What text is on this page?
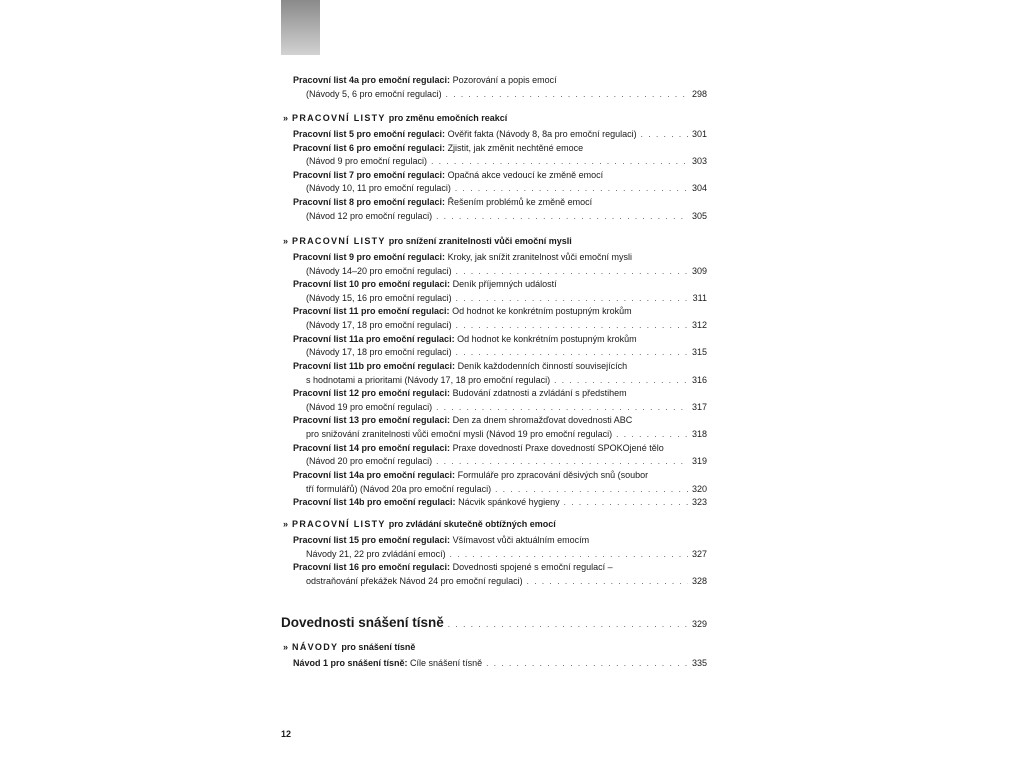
Pracovní list 4a pro emoční regulaci: Pozorování a popis emocí
(Návody 5, 6 pro emoční regulaci) . . .	298
» PRACOVNÍ LISTY pro změnu emočních reakcí
Pracovní list 5 pro emoční regulaci: Ověřit fakta (Návody 8, 8a pro emoční regulaci) . . .	301
Pracovní list 6 pro emoční regulaci: Zjistit, jak změnit nechtěné emoce
(Návod 9 pro emoční regulaci) . . .	303
Pracovní list 7 pro emoční regulaci: Opačná akce vedoucí ke změně emocí
(Návody 10, 11 pro emoční regulaci) . . .	304
Pracovní list 8 pro emoční regulaci: Řešením problémů ke změně emocí
(Návod 12 pro emoční regulaci) . . .	305
» PRACOVNÍ LISTY pro snížení zranitelnosti vůči emoční mysli
Pracovní list 9 pro emoční regulaci: Kroky, jak snížit zranitelnost vůči emoční mysli
(Návody 14–20 pro emoční regulaci) . . .	309
Pracovní list 10 pro emoční regulaci: Deník příjemných událostí
(Návody 15, 16 pro emoční regulaci) . . .	311
Pracovní list 11 pro emoční regulaci: Od hodnot ke konkrétním postupným krokům
(Návody 17, 18 pro emoční regulaci) . . .	312
Pracovní list 11a pro emoční regulaci: Od hodnot ke konkrétním postupným krokům
(Návody 17, 18 pro emoční regulaci) . . .	315
Pracovní list 11b pro emoční regulaci: Deník každodenních činností souvisejících
s hodnotami a prioritami (Návody 17, 18 pro emoční regulaci) . . .	316
Pracovní list 12 pro emoční regulaci: Budování zdatnosti a zvládání s předstihem
(Návod 19 pro emoční regulaci) . . .	317
Pracovní list 13 pro emoční regulaci: Den za dnem shromažďovat dovednosti ABC
pro snižování zranitelnosti vůči emoční mysli (Návod 19 pro emoční regulaci) . . .	318
Pracovní list 14 pro emoční regulaci: Praxe dovedností Praxe dovedností SPOKOjené tělo
(Návod 20 pro emoční regulaci) . . .	319
Pracovní list 14a pro emoční regulaci: Formuláře pro zpracování děsivých snů (soubor
tří formulářů) (Návod 20a pro emoční regulaci) . . .	320
Pracovní list 14b pro emoční regulaci: Nácvik spánkové hygieny . . .	323
» PRACOVNÍ LISTY pro zvládání skutečně obtížných emocí
Pracovní list 15 pro emoční regulaci: Všímavost vůči aktuálním emocím
Návody 21, 22 pro zvládání emocí) . . .	327
Pracovní list 16 pro emoční regulaci: Dovednosti spojené s emoční regulací –
odstraňování překážek Návod 24 pro emoční regulaci) . . .	328
Dovednosti snášení tísně . . .	329
» NÁVODY pro snášení tísně
Návod 1 pro snášení tísně: Cíle snášení tísně . . .	335
12
